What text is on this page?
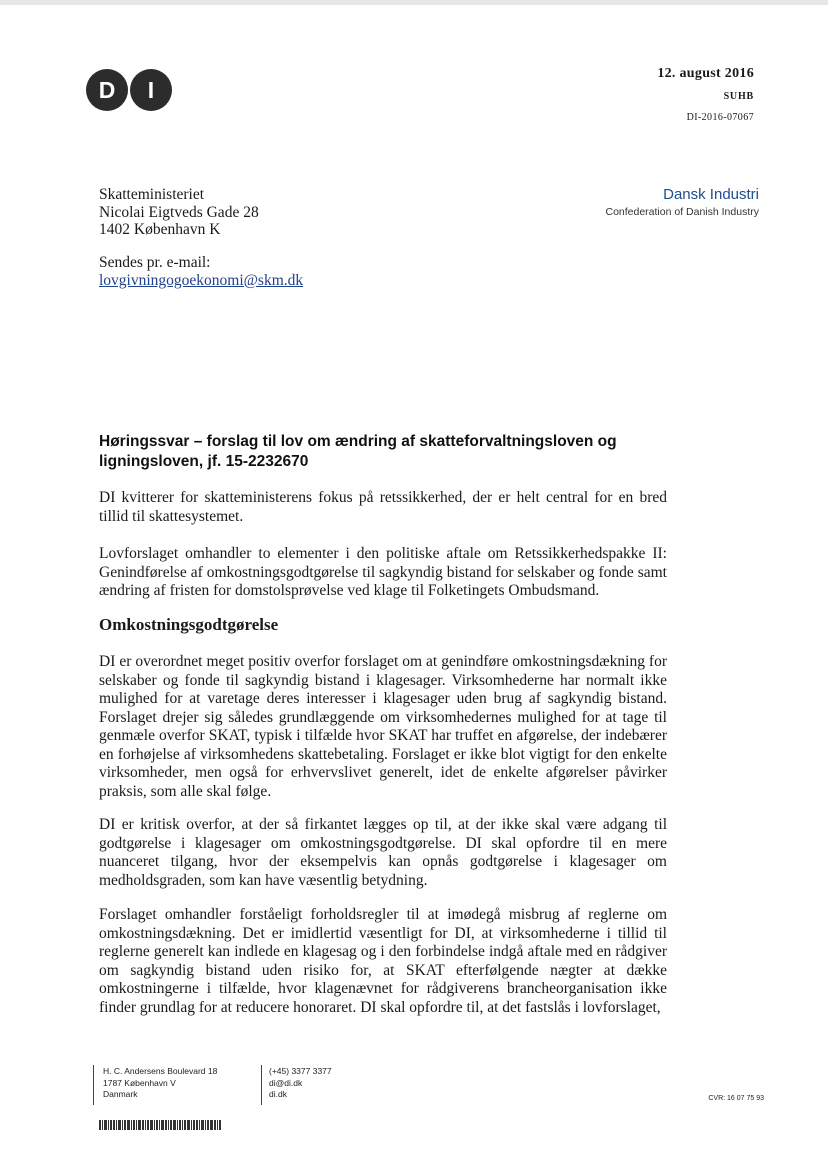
D	I
12. august 2016
SUHB
DI-2016-07067
Skatteministeriet
Nicolai Eigtveds Gade 28
1402 København K
Dansk Industri
Confederation of Danish Industry
Sendes pr. e-mail:
lovgivningogoekonomi@skm.dk
Høringssvar – forslag til lov om ændring af skatteforvaltningsloven og ligningsloven, jf. 15-2232670
DI kvitterer for skatteministerens fokus på retssikkerhed, der er helt central for en bred tillid til skattesystemet.
Lovforslaget omhandler to elementer i den politiske aftale om Retssikkerhedspakke II: Genindførelse af omkostningsgodtgørelse til sagkyndig bistand for selskaber og fonde samt ændring af fristen for domstolsprøvelse ved klage til Folketingets Ombudsmand.
Omkostningsgodtgørelse
DI er overordnet meget positiv overfor forslaget om at genindføre omkostningsdækning for selskaber og fonde til sagkyndig bistand i klagesager. Virksomhederne har normalt ikke mulighed for at varetage deres interesser i klagesager uden brug af sagkyndig bistand. Forslaget drejer sig således grundlæggende om virksomhedernes mulighed for at tage til genmæle overfor SKAT, typisk i tilfælde hvor SKAT har truffet en afgørelse, der indebærer en forhøjelse af virksomhedens skattebetaling. Forslaget er ikke blot vigtigt for den enkelte virksomheder, men også for erhvervslivet generelt, idet de enkelte afgørelser påvirker praksis, som alle skal følge.
DI er kritisk overfor, at der så firkantet lægges op til, at der ikke skal være adgang til godtgørelse i klagesager om omkostningsgodtgørelse. DI skal opfordre til en mere nuanceret tilgang, hvor der eksempelvis kan opnås godtgørelse i klagesager om medholdsgraden, som kan have væsentlig betydning.
Forslaget omhandler forståeligt forholdsregler til at imødegå misbrug af reglerne om omkostningsdækning. Det er imidlertid væsentligt for DI, at virksomhederne i tillid til reglerne generelt kan indlede en klagesag og i den forbindelse indgå aftale med en rådgiver om sagkyndig bistand uden risiko for, at SKAT efterfølgende nægter at dække omkostningerne i tilfælde, hvor klagenævnet for rådgiverens brancheorganisation ikke finder grundlag for at reducere honoraret. DI skal opfordre til, at det fastslås i lovforslaget,
H. C. Andersens Boulevard 18
1787 København V
Danmark
(+45) 3377 3377
di@di.dk
di.dk	CVR: 16 07 75 93
